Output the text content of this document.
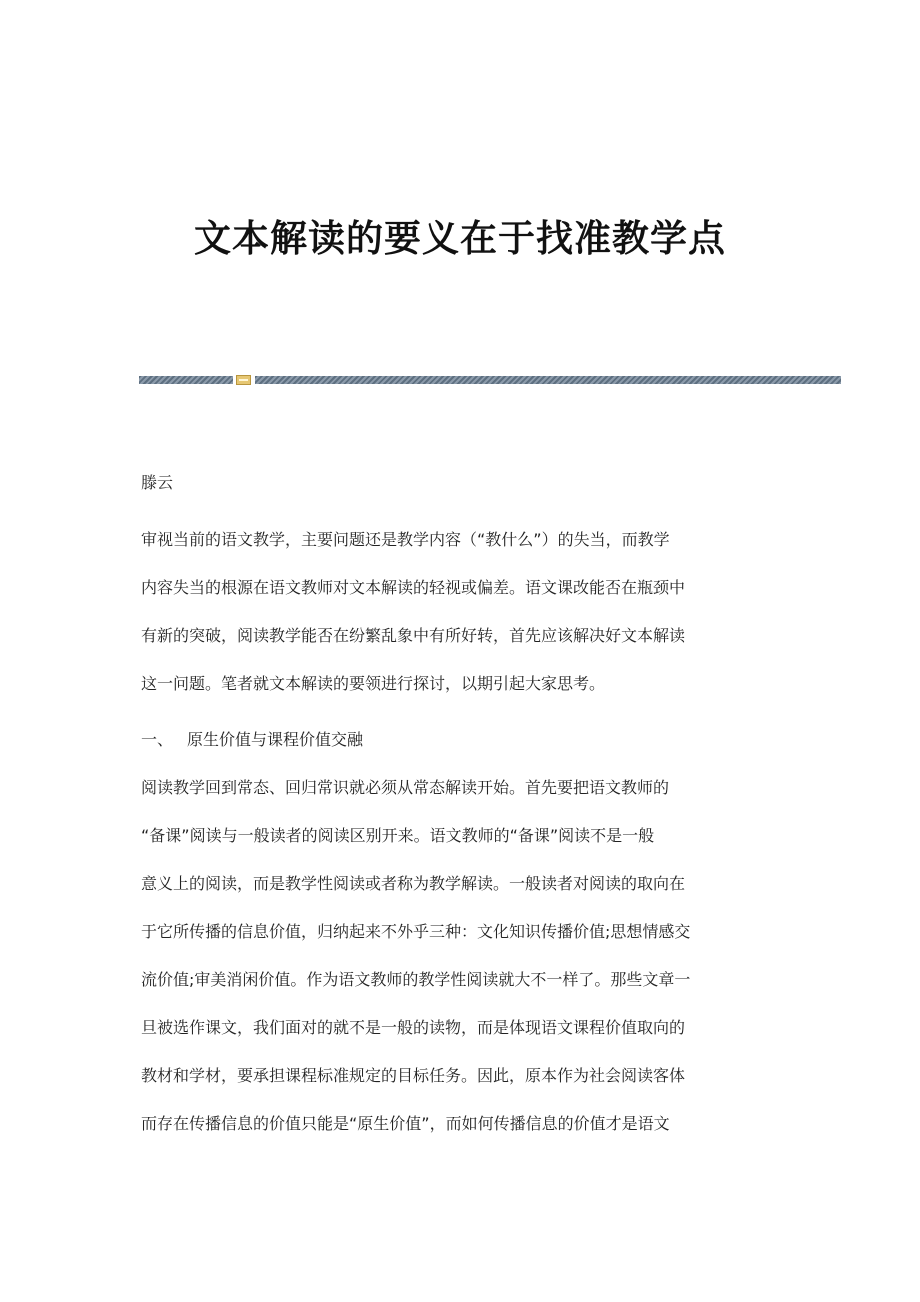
文本解读的要义在于找准教学点
滕云
审视当前的语文教学，主要问题还是教学内容（“教什么”）的失当，而教学
内容失当的根源在语文教师对文本解读的轻视或偏差。语文课改能否在瓶颈中
有新的突破，阅读教学能否在纷繁乱象中有所好转，首先应该解决好文本解读
这一问题。笔者就文本解读的要领进行探讨，以期引起大家思考。
一、 原生价值与课程价值交融
阅读教学回到常态、回归常识就必须从常态解读开始。首先要把语文教师的
“备课”阅读与一般读者的阅读区别开来。语文教师的“备课”阅读不是一般
意义上的阅读，而是教学性阅读或者称为教学解读。一般读者对阅读的取向在
于它所传播的信息价值，归纳起来不外乎三种：文化知识传播价值;思想情感交
流价值;审美消闲价值。作为语文教师的教学性阅读就大不一样了。那些文章一
旦被选作课文，我们面对的就不是一般的读物，而是体现语文课程价值取向的
教材和学材，要承担课程标准规定的目标任务。因此，原本作为社会阅读客体
而存在传播信息的价值只能是“原生价值”，而如何传播信息的价值才是语文
